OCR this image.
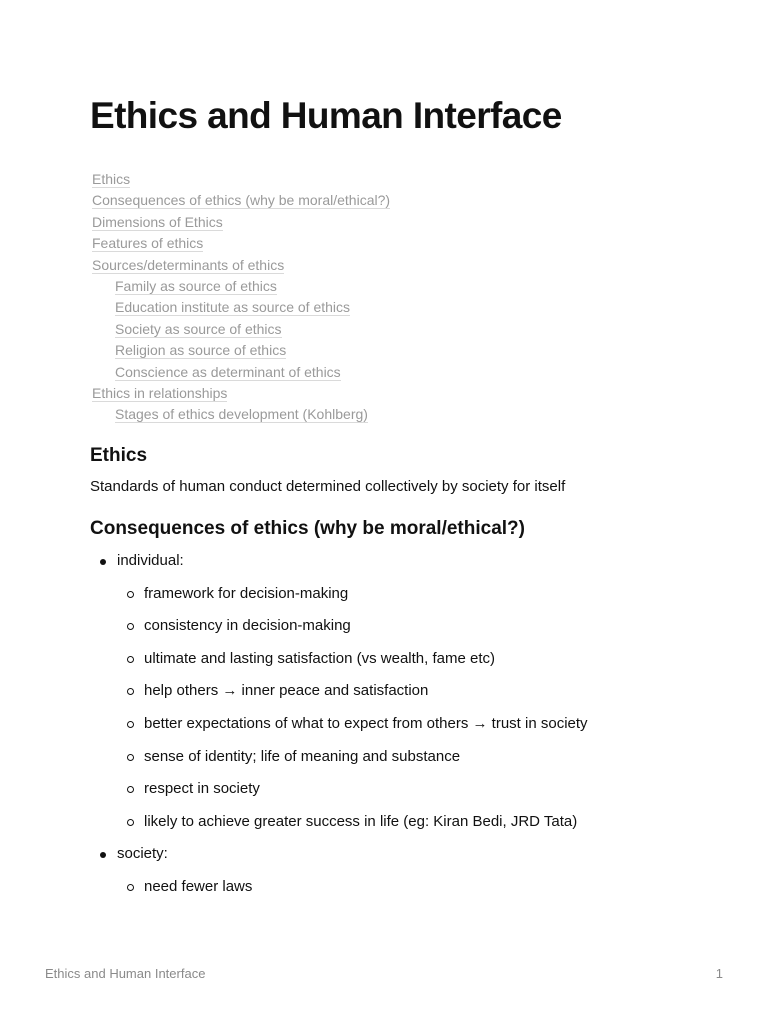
Ethics and Human Interface
Ethics
Consequences of ethics (why be moral/ethical?)
Dimensions of Ethics
Features of ethics
Sources/determinants of ethics
Family as source of ethics
Education institute as source of ethics
Society as source of ethics
Religion as source of ethics
Conscience as determinant of ethics
Ethics in relationships
Stages of ethics development (Kohlberg)
Ethics

Standards of human conduct determined collectively by society for itself

Consequences of ethics (why be moral/ethical?)
individual:
framework for decision-making
consistency in decision-making
ultimate and lasting satisfaction (vs wealth, fame etc)
help others → inner peace and satisfaction
better expectations of what to expect from others → trust in society
sense of identity; life of meaning and substance
respect in society
likely to achieve greater success in life (eg: Kiran Bedi, JRD Tata)
society:
need fewer laws

Ethics and Human Interface	1
